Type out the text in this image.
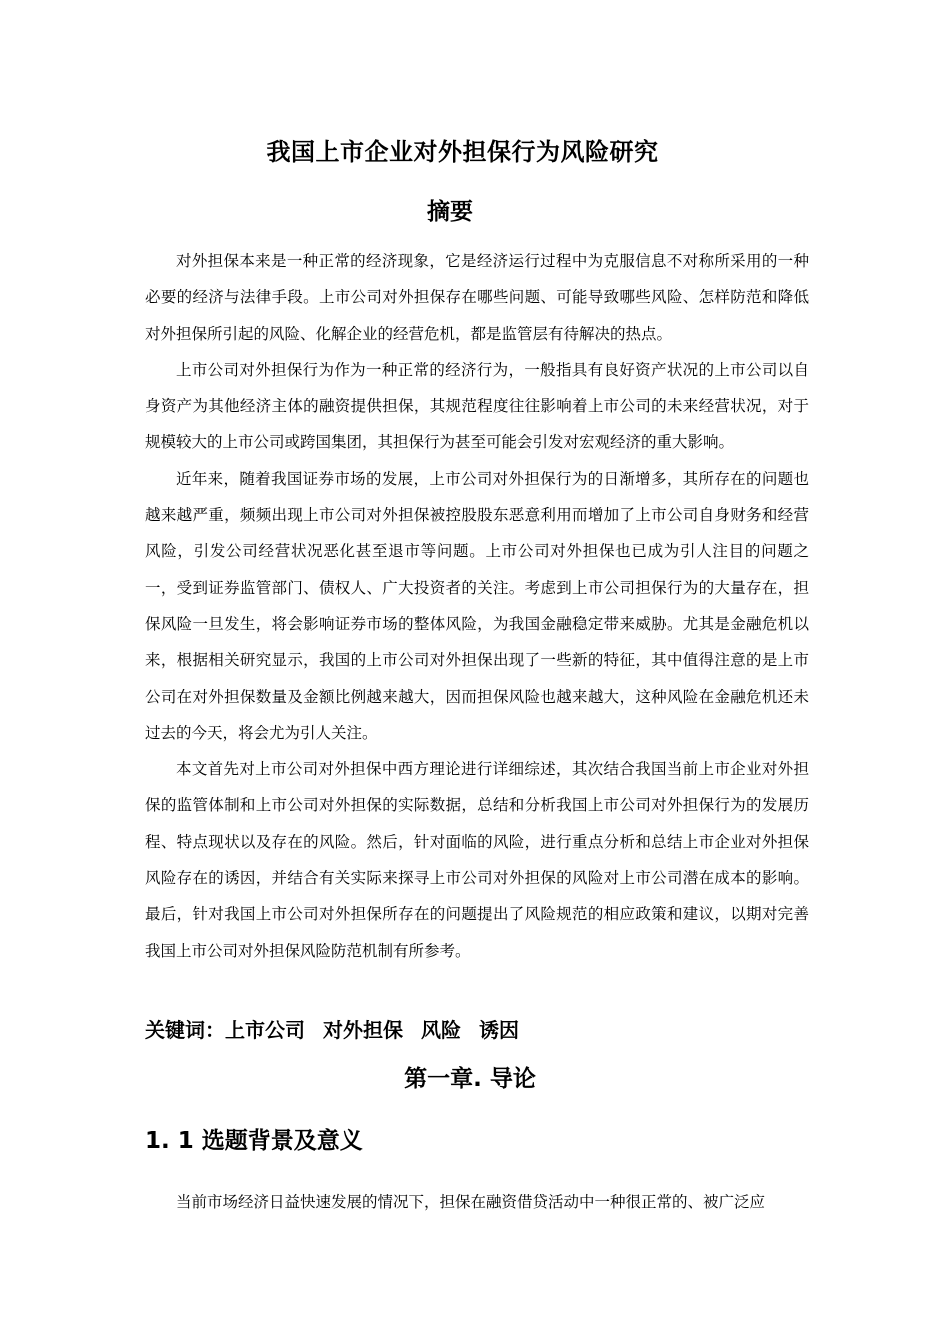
我国上市企业对外担保行为风险研究
摘要

对外担保本来是一种正常的经济现象，它是经济运行过程中为克服信息不对称所采用的一种必要的经济与法律手段。上市公司对外担保存在哪些问题、可能导致哪些风险、怎样防范和降低对外担保所引起的风险、化解企业的经营危机，都是监管层有待解决的热点。

上市公司对外担保行为作为一种正常的经济行为，一般指具有良好资产状况的上市公司以自身资产为其他经济主体的融资提供担保，其规范程度往往影响着上市公司的未来经营状况，对于规模较大的上市公司或跨国集团，其担保行为甚至可能会引发对宏观经济的重大影响。

近年来，随着我国证券市场的发展，上市公司对外担保行为的日渐增多，其所存在的问题也越来越严重，频频出现上市公司对外担保被控股股东恶意利用而增加了上市公司自身财务和经营风险，引发公司经营状况恶化甚至退市等问题。上市公司对外担保也已成为引人注目的问题之一，受到证券监管部门、债权人、广大投资者的关注。考虑到上市公司担保行为的大量存在，担保风险一旦发生，将会影响证券市场的整体风险，为我国金融稳定带来威胁。尤其是金融危机以来，根据相关研究显示，我国的上市公司对外担保出现了一些新的特征，其中值得注意的是上市公司在对外担保数量及金额比例越来越大，因而担保风险也越来越大，这种风险在金融危机还未过去的今天，将会尤为引人关注。

本文首先对上市公司对外担保中西方理论进行详细综述，其次结合我国当前上市企业对外担保的监管体制和上市公司对外担保的实际数据，总结和分析我国上市公司对外担保行为的发展历程、特点现状以及存在的风险。然后，针对面临的风险，进行重点分析和总结上市企业对外担保风险存在的诱因，并结合有关实际来探寻上市公司对外担保的风险对上市公司潜在成本的影响。最后，针对我国上市公司对外担保所存在的问题提出了风险规范的相应政策和建议，以期对完善我国上市公司对外担保风险防范机制有所参考。

关键词：上市公司 对外担保 风险 诱因
第一章. 导论
1. 1 选题背景及意义

当前市场经济日益快速发展的情况下，担保在融资借贷活动中一种很正常的、被广泛应
